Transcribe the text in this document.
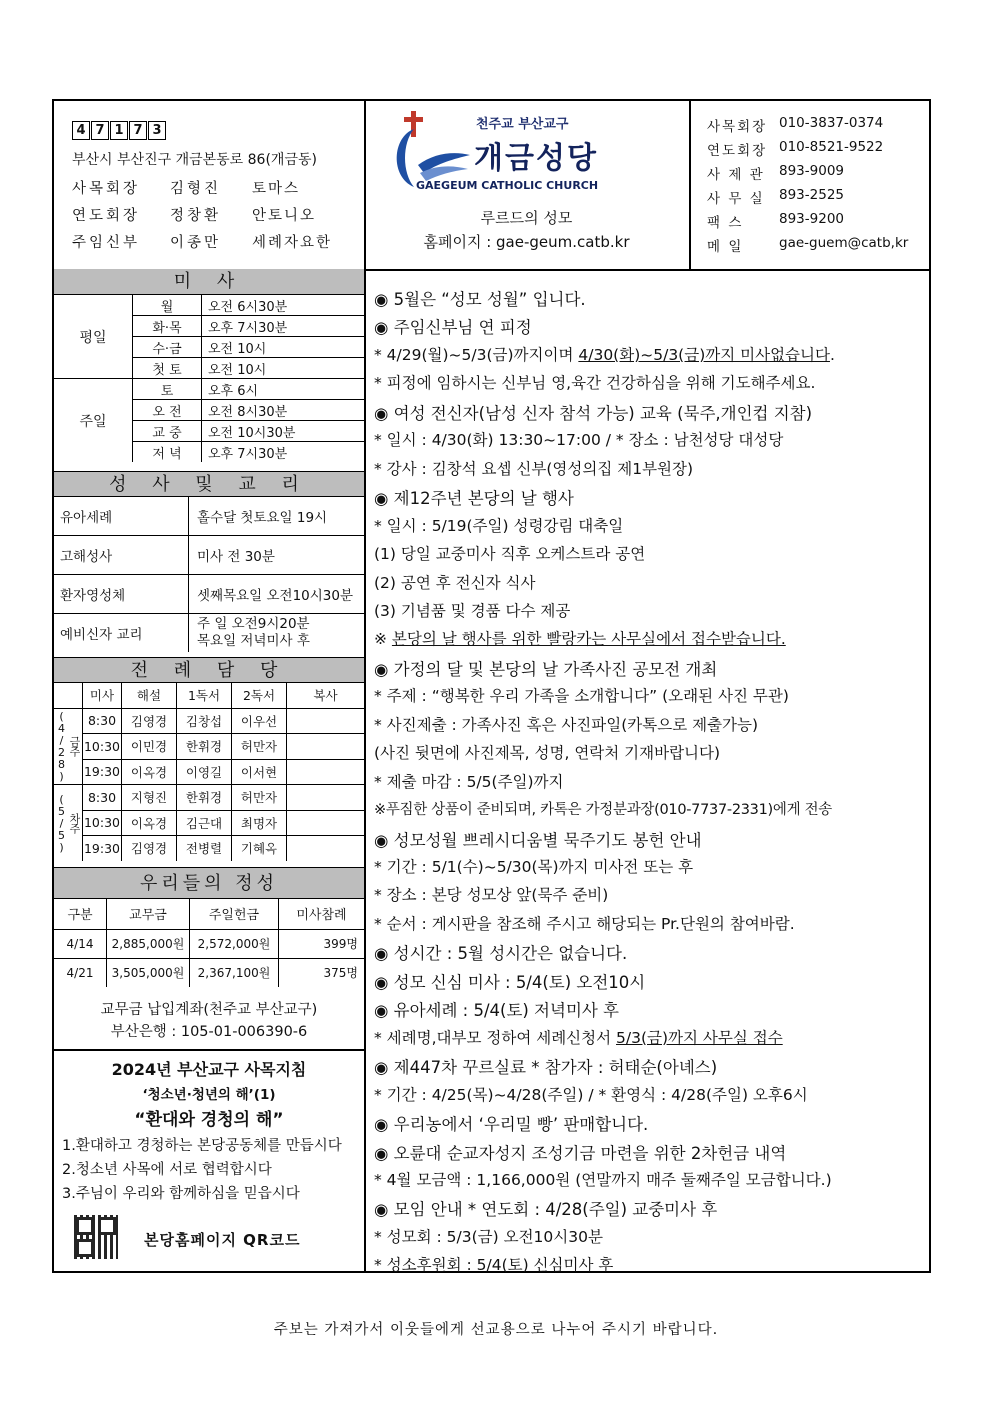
4 7 1 7 3
부산시 부산진구 개금본동로 86(개금동)
사목회장	김형진	토마스
연도회장	정창환	안토니오
주임신부	이종만	세례자요한
천주교 부산교구
개금성당
GAEGEUM CATHOLIC CHURCH
루르드의 성모
홈페이지 : gae-geum.catb.kr
사목회장 010-3837-0374
연도회장 010-8521-9522
사 제 관	893-9009
사 무 실	893-2525
팩 스	893-9200
메 일	gae-guem@catb,kr
미 사
평일	월	오전 6시30분
	화·목	오후 7시30분
	수·금	오전 10시
	첫 토	오전 10시
주일	토	오후 6시
	오 전	오전 8시30분
	교 중	오전 10시30분
	저 녁	오후 7시30분
성 사 및 교 리
유아세례	홀수달 첫토요일 19시
고해성사	미사 전 30분
환자영성체	셋째목요일 오전10시30분
예비신자 교리	주 일 오전9시20분
목요일 저녁미사 후
전 례 담 당
	미사	해설	1독서	2독서	복사
금주(4/28)	8:30	김영경	김창섭	이우선	
	10:30	이민경	한휘경	허만자	
	19:30	이옥경	이영길	이서현	
차주(5/5)	8:30	지형진	한휘경	허만자	
	10:30	이옥경	김근대	최명자	
	19:30	김영경	전병렬	기혜옥	
우리들의 정성
구분	교무금	주일헌금	미사참례
4/14	2,885,000원	2,572,000원	399명
4/21	3,505,000원	2,367,100원	375명
교무금 납입계좌(천주교 부산교구)
부산은행 : 105-01-006390-6
2024년 부산교구 사목지침
‘청소년·청년의 해’(1)
“환대와 경청의 해”
1.환대하고 경청하는 본당공동체를 만듭시다
2.청소년 사목에 서로 협력합시다
3.주님이 우리와 함께하심을 믿읍시다
본당홈페이지 QR코드
◉ 5월은 “성모 성월” 입니다.
◉ 주임신부님 연 피정
* 4/29(월)~5/3(금)까지이며 4/30(화)~5/3(금)까지 미사없습니다.
* 피정에 임하시는 신부님 영,육간 건강하심을 위해 기도해주세요.
◉ 여성 전신자(남성 신자 참석 가능) 교육 (묵주,개인컵 지참)
* 일시 : 4/30(화) 13:30~17:00 / * 장소 : 남천성당 대성당
* 강사 : 김창석 요셉 신부(영성의집 제1부원장)
◉ 제12주년 본당의 날 행사
* 일시 : 5/19(주일) 성령강림 대축일
(1) 당일 교중미사 직후 오케스트라 공연
(2) 공연 후 전신자 식사
(3) 기념품 및 경품 다수 제공
※ 본당의 날 행사를 위한 빨랑카는 사무실에서 접수받습니다.
◉ 가정의 달 및 본당의 날 가족사진 공모전 개최
* 주제 : “행복한 우리 가족을 소개합니다” (오래된 사진 무관)
* 사진제출 : 가족사진 혹은 사진파일(카톡으로 제출가능)
(사진 뒷면에 사진제목, 성명, 연락처 기재바랍니다)
* 제출 마감 : 5/5(주일)까지
※푸짐한 상품이 준비되며, 카톡은 가정분과장(010-7737-2331)에게 전송
◉ 성모성월 쁘레시디움별 묵주기도 봉헌 안내
* 기간 : 5/1(수)~5/30(목)까지 미사전 또는 후
* 장소 : 본당 성모상 앞(묵주 준비)
* 순서 : 게시판을 참조해 주시고 해당되는 Pr.단원의 참여바람.
◉ 성시간 : 5월 성시간은 없습니다.
◉ 성모 신심 미사 : 5/4(토) 오전10시
◉ 유아세례 : 5/4(토) 저녁미사 후
* 세례명,대부모 정하여 세례신청서 5/3(금)까지 사무실 접수
◉ 제447차 꾸르실료 * 참가자 : 허태순(아녜스)
* 기간 : 4/25(목)~4/28(주일) / * 환영식 : 4/28(주일) 오후6시
◉ 우리농에서 ‘우리밀 빵’ 판매합니다.
◉ 오륜대 순교자성지 조성기금 마련을 위한 2차헌금 내역
* 4월 모금액 : 1,166,000원 (연말까지 매주 둘째주일 모금합니다.)
◉ 모임 안내 * 연도회 : 4/28(주일) 교중미사 후
* 성모회 : 5/3(금) 오전10시30분
* 성소후원회 : 5/4(토) 신심미사 후
주보는 가져가서 이웃들에게 선교용으로 나누어 주시기 바랍니다.
